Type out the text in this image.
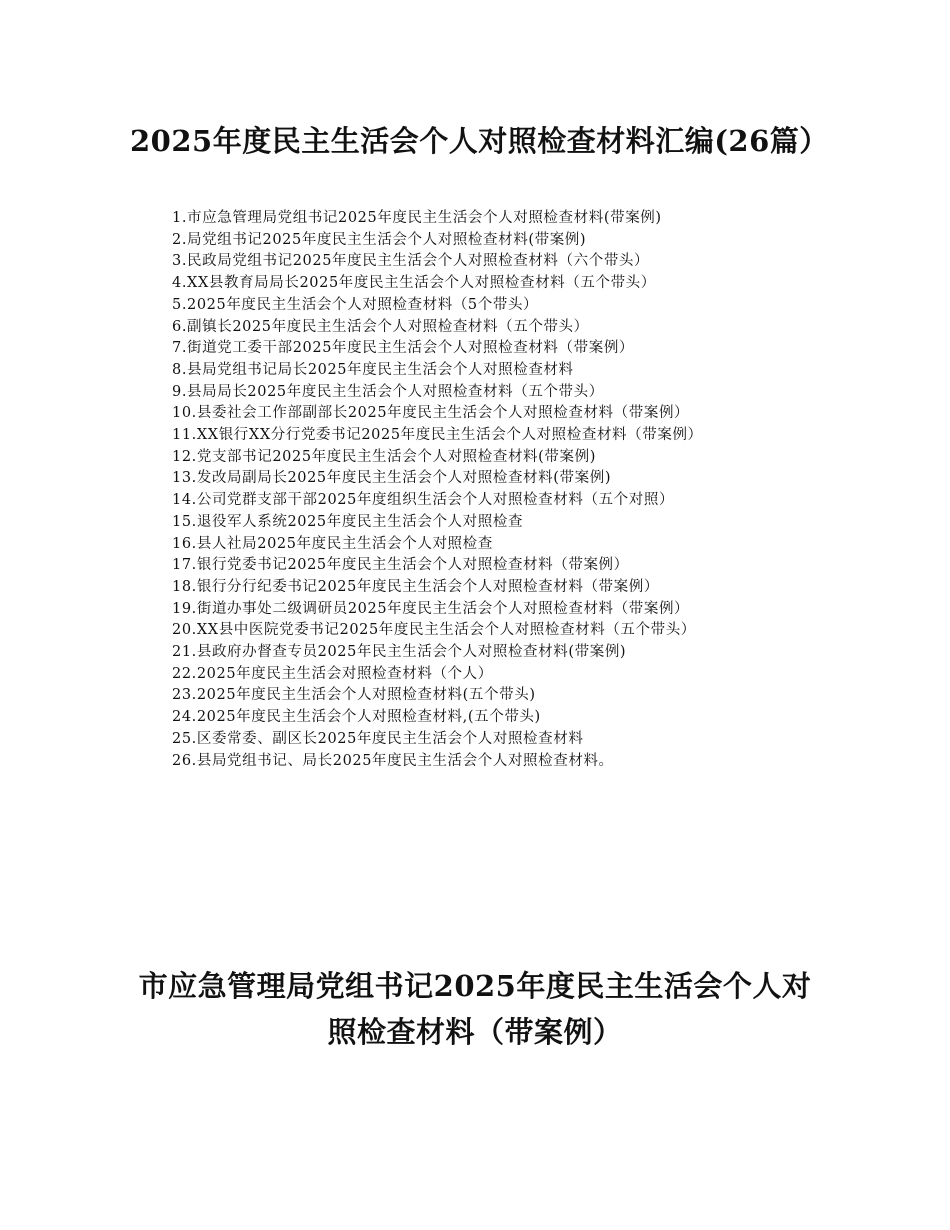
2025年度民主生活会个人对照检查材料汇编(26篇）
1.市应急管理局党组书记2025年度民主生活会个人对照检查材料(带案例)
2.局党组书记2025年度民主生活会个人对照检查材料(带案例)
3.民政局党组书记2025年度民主生活会个人对照检查材料（六个带头）
4.XX县教育局局长2025年度民主生活会个人对照检查材料（五个带头）
5.2025年度民主生活会个人对照检查材料（5个带头）
6.副镇长2025年度民主生活会个人对照检查材料（五个带头）
7.街道党工委干部2025年度民主生活会个人对照检查材料（带案例）
8.县局党组书记局长2025年度民主生活会个人对照检查材料
9.县局局长2025年度民主生活会个人对照检查材料（五个带头）
10.县委社会工作部副部长2025年度民主生活会个人对照检查材料（带案例）
11.XX银行XX分行党委书记2025年度民主生活会个人对照检查材料（带案例）
12.党支部书记2025年度民主生活会个人对照检查材料(带案例)
13.发改局副局长2025年度民主生活会个人对照检查材料(带案例)
14.公司党群支部干部2025年度组织生活会个人对照检查材料（五个对照）
15.退役军人系统2025年度民主生活会个人对照检查
16.县人社局2025年度民主生活会个人对照检查
17.银行党委书记2025年度民主生活会个人对照检查材料（带案例）
18.银行分行纪委书记2025年度民主生活会个人对照检查材料（带案例）
19.街道办事处二级调研员2025年度民主生活会个人对照检查材料（带案例）
20.XX县中医院党委书记2025年度民主生活会个人对照检查材料（五个带头）
21.县政府办督查专员2025年民主生活会个人对照检查材料(带案例)
22.2025年度民主生活会对照检查材料（个人）
23.2025年度民主生活会个人对照检查材料(五个带头)
24.2025年度民主生活会个人对照检查材料,(五个带头)
25.区委常委、副区长2025年度民主生活会个人对照检查材料
26.县局党组书记、局长2025年度民主生活会个人对照检查材料。
市应急管理局党组书记2025年度民主生活会个人对照检查材料（带案例）
